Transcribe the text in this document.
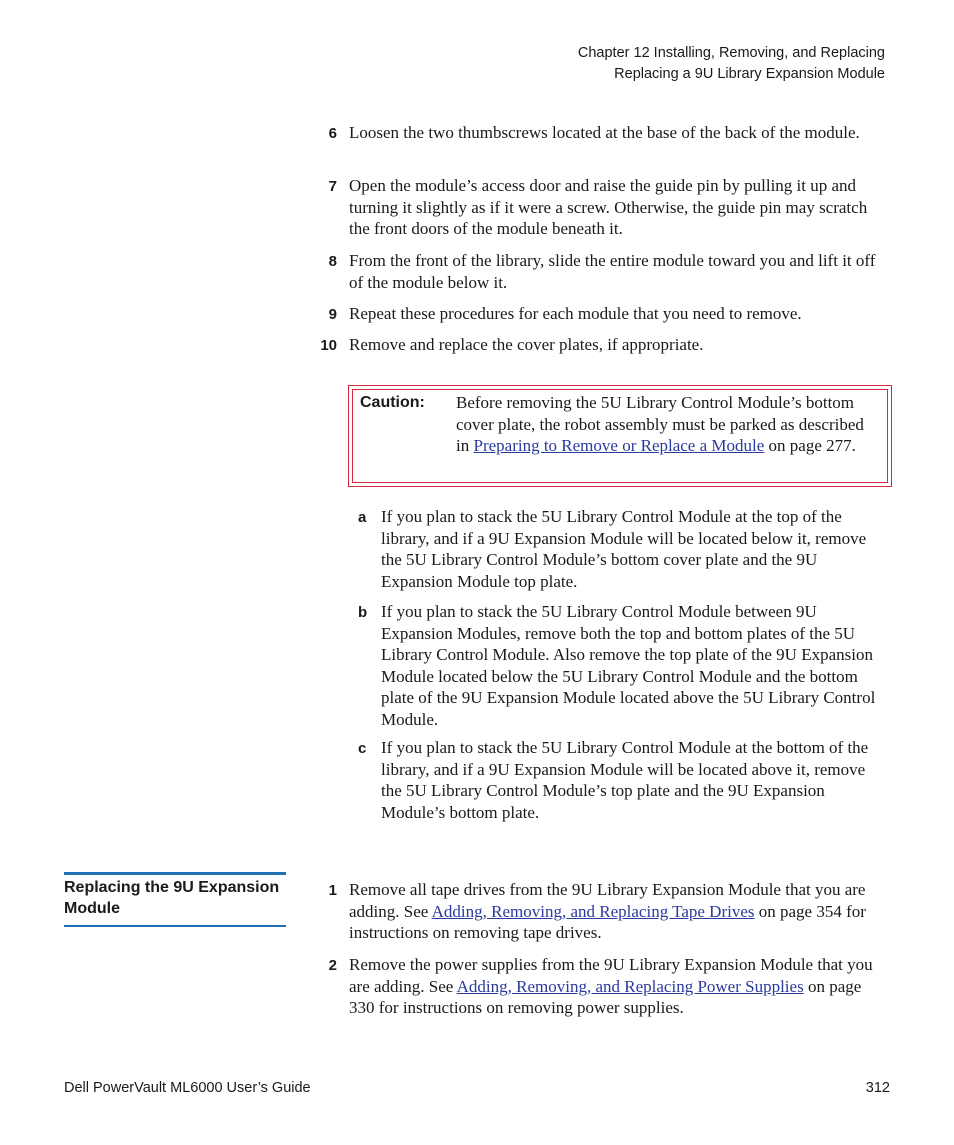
Chapter 12 Installing, Removing, and Replacing
Replacing a 9U Library Expansion Module
6 Loosen the two thumbscrews located at the base of the back of the module.
7 Open the module’s access door and raise the guide pin by pulling it up and turning it slightly as if it were a screw. Otherwise, the guide pin may scratch the front doors of the module beneath it.
8 From the front of the library, slide the entire module toward you and lift it off of the module below it.
9 Repeat these procedures for each module that you need to remove.
10 Remove and replace the cover plates, if appropriate.
Caution: Before removing the 5U Library Control Module’s bottom cover plate, the robot assembly must be parked as described in Preparing to Remove or Replace a Module on page 277.
a If you plan to stack the 5U Library Control Module at the top of the library, and if a 9U Expansion Module will be located below it, remove the 5U Library Control Module’s bottom cover plate and the 9U Expansion Module top plate.
b If you plan to stack the 5U Library Control Module between 9U Expansion Modules, remove both the top and bottom plates of the 5U Library Control Module. Also remove the top plate of the 9U Expansion Module located below the 5U Library Control Module and the bottom plate of the 9U Expansion Module located above the 5U Library Control Module.
c If you plan to stack the 5U Library Control Module at the bottom of the library, and if a 9U Expansion Module will be located above it, remove the 5U Library Control Module’s top plate and the 9U Expansion Module’s bottom plate.
Replacing the 9U Expansion Module
1 Remove all tape drives from the 9U Library Expansion Module that you are adding. See Adding, Removing, and Replacing Tape Drives on page 354 for instructions on removing tape drives.
2 Remove the power supplies from the 9U Library Expansion Module that you are adding. See Adding, Removing, and Replacing Power Supplies on page 330 for instructions on removing power supplies.
Dell PowerVault ML6000 User’s Guide	312
